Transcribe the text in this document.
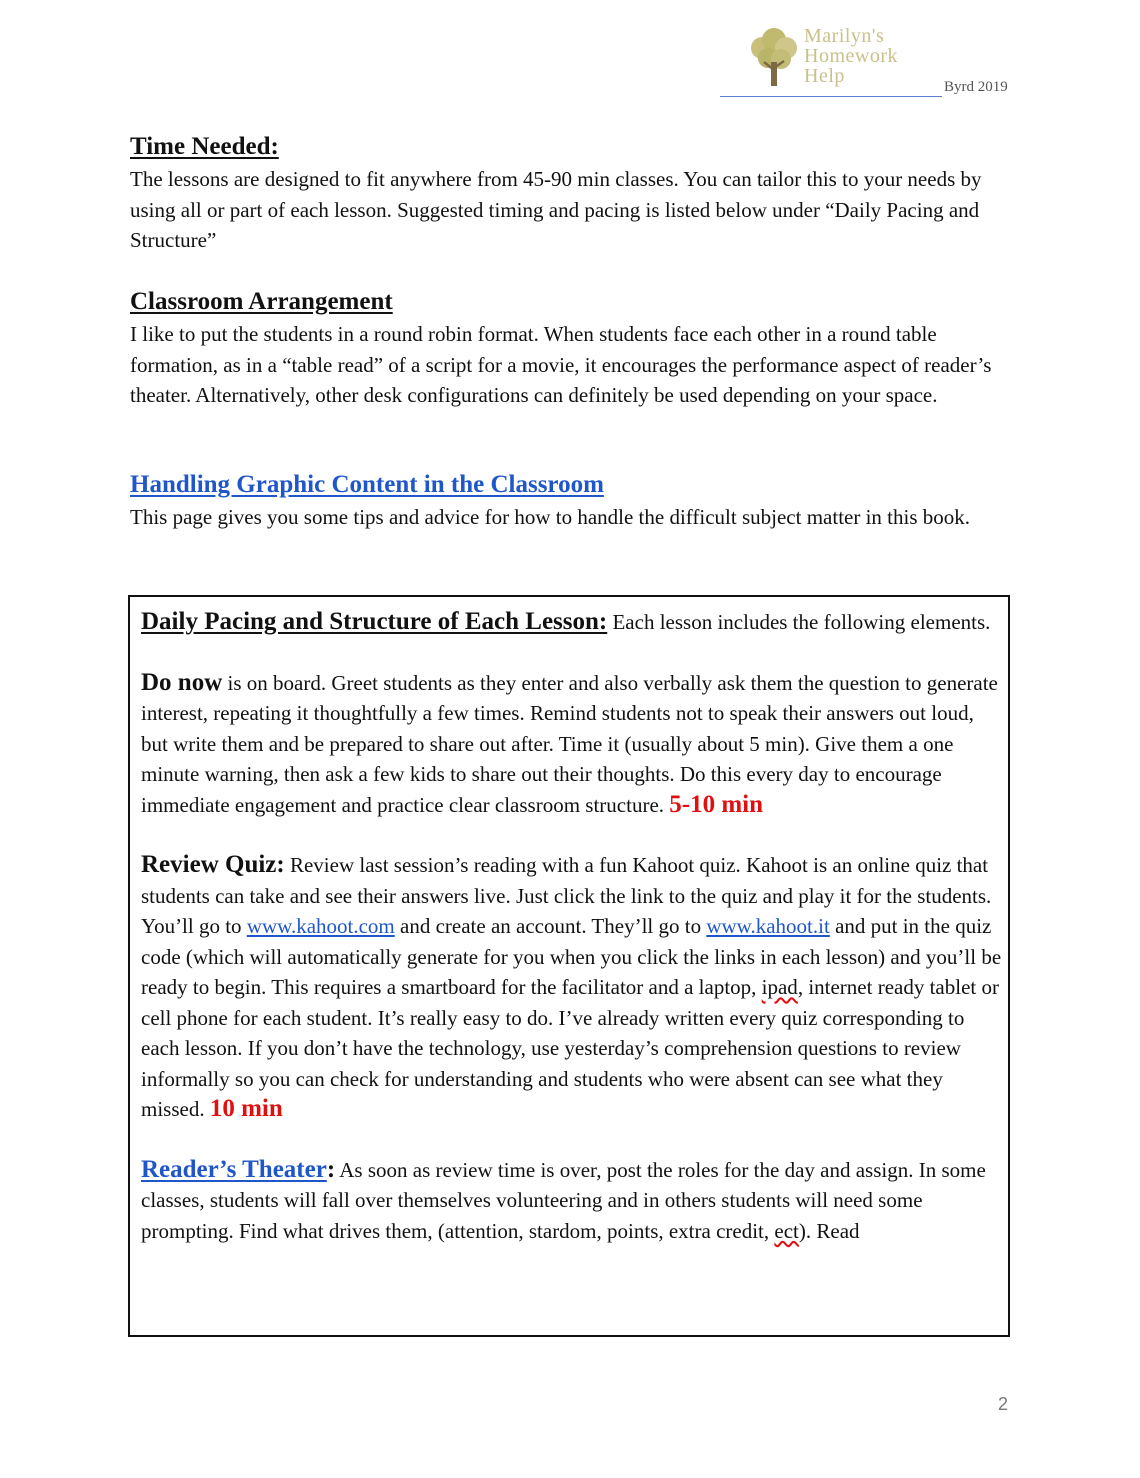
Marilyn's
Homework
Help	Byrd 2019
Time Needed:

The lessons are designed to fit anywhere from 45-90 min classes. You can tailor this to your needs by using all or part of each lesson. Suggested timing and pacing is listed below under “Daily Pacing and Structure”

Classroom Arrangement

I like to put the students in a round robin format. When students face each other in a round table formation, as in a “table read” of a script for a movie, it encourages the performance aspect of reader’s theater. Alternatively, other desk configurations can definitely be used depending on your space.

Handling Graphic Content in the Classroom

This page gives you some tips and advice for how to handle the difficult subject matter in this book.

Daily Pacing and Structure of Each Lesson: Each lesson includes the following elements.

Do now is on board. Greet students as they enter and also verbally ask them the question to generate interest, repeating it thoughtfully a few times. Remind students not to speak their answers out loud, but write them and be prepared to share out after. Time it (usually about 5 min). Give them a one minute warning, then ask a few kids to share out their thoughts. Do this every day to encourage immediate engagement and practice clear classroom structure. 5-10 min

Review Quiz: Review last session’s reading with a fun Kahoot quiz. Kahoot is an online quiz that students can take and see their answers live. Just click the link to the quiz and play it for the students. You’ll go to www.kahoot.com and create an account. They’ll go to www.kahoot.it and put in the quiz code (which will automatically generate for you when you click the links in each lesson) and you’ll be ready to begin. This requires a smartboard for the facilitator and a laptop, ipad, internet ready tablet or cell phone for each student. It’s really easy to do. I’ve already written every quiz corresponding to each lesson. If you don’t have the technology, use yesterday’s comprehension questions to review informally so you can check for understanding and students who were absent can see what they missed. 10 min

Reader’s Theater: As soon as review time is over, post the roles for the day and assign. In some classes, students will fall over themselves volunteering and in others students will need some prompting. Find what drives them, (attention, stardom, points, extra credit, ect). Read

2
